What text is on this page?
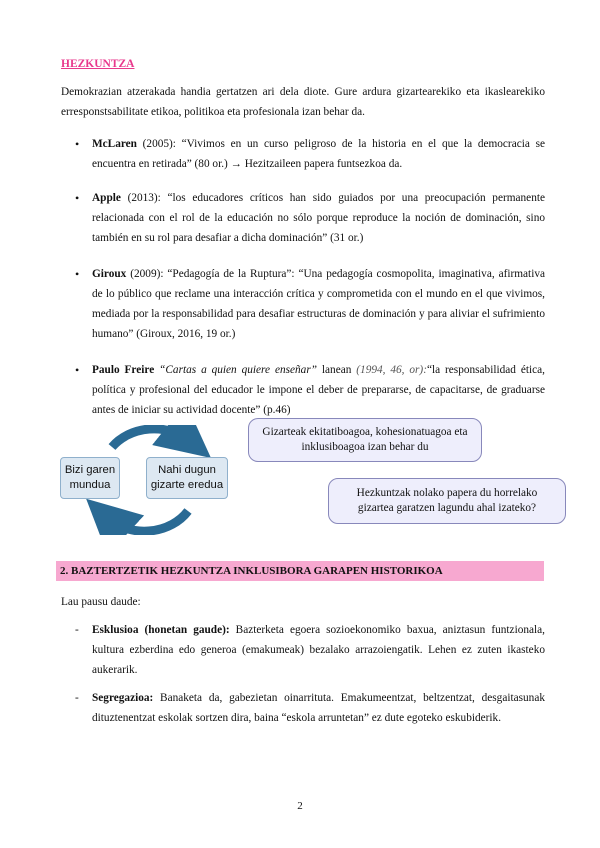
HEZKUNTZA
Demokrazian atzerakada handia gertatzen ari dela diote. Gure ardura gizartearekiko eta ikaslearekiko erresponstsabilitate etikoa, politikoa eta profesionala izan behar da.
• McLaren (2005): “Vivimos en un curso peligroso de la historia en el que la democracia se encuentra en retirada” (80 or.) → Hezitzaileen papera funtsezkoa da.
• Apple (2013): “los educadores críticos han sido guiados por una preocupación permanente relacionada con el rol de la educación no sólo porque reproduce la noción de dominación, sino también en su rol para desafiar a dicha dominación” (31 or.)
• Giroux (2009): “Pedagogía de la Ruptura”: “Una pedagogía cosmopolita, imaginativa, afirmativa de lo público que reclame una interacción crítica y comprometida con el mundo en el que vivimos, mediada por la responsabilidad para desafiar estructuras de dominación y para aliviar el sufrimiento humano” (Giroux, 2016, 19 or.)
• Paulo Freire “Cartas a quien quiere enseñar” lanean (1994, 46, or):“la responsabilidad ética, política y profesional del educador le impone el deber de prepararse, de capacitarse, de graduarse antes de iniciar su actividad docente” (p.46)
Bizi garen mundua
Nahi dugun gizarte eredua
Gizarteak ekitatiboagoa, kohesionatuagoa eta inklusiboagoa izan behar du
Hezkuntzak nolako papera du horrelako gizartea garatzen lagundu ahal izateko?
2. BAZTERTZETIK HEZKUNTZA INKLUSIBORA GARAPEN HISTORIKOA
Lau pausu daude:
- Esklusioa (honetan gaude): Bazterketa egoera sozioekonomiko baxua, aniztasun funtzionala, kultura ezberdina edo generoa (emakumeak) bezalako arrazoiengatik. Lehen ez zuten ikasteko aukerarik.
- Segregazioa: Banaketa da, gabezietan oinarrituta. Emakumeentzat, beltzentzat, desgaitasunak dituztenentzat eskolak sortzen dira, baina “eskola arruntetan” ez dute egoteko eskubiderik.
2
